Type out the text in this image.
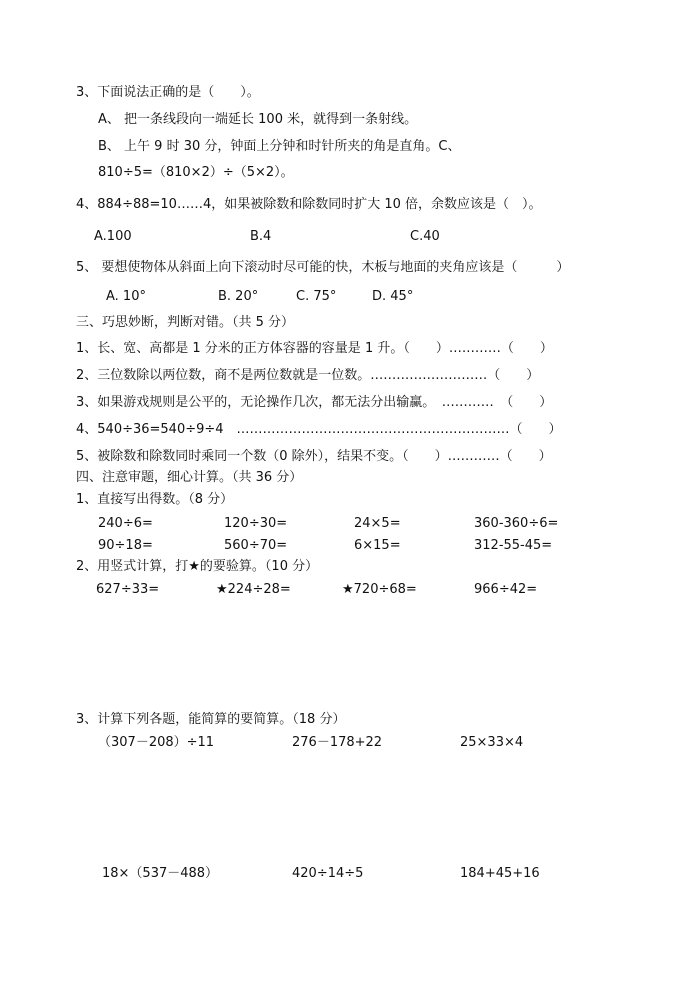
3、下面说法正确的是（　　）。
A、 把一条线段向一端延长 100 米，就得到一条射线。
B、 上午 9 时 30 分，钟面上分钟和时针所夹的角是直角。C、
810÷5=（810×2）÷（5×2）。
4、884÷88=10……4，如果被除数和除数同时扩大 10 倍，余数应该是（　）。
A.100	B.4	C.40
5、 要想使物体从斜面上向下滚动时尽可能的快，木板与地面的夹角应该是（　　　）
A. 10°	B. 20°	C. 75°	D. 45°
三、巧思妙断，判断对错。（共 5 分）
1、长、宽、高都是 1 分米的正方体容器的容量是 1 升。（　　）…………（　　）
2、三位数除以两位数，商不是两位数就是一位数。………………………（　　）
3、如果游戏规则是公平的，无论操作几次，都无法分出输赢。　…………　（　　）
4、540÷36=540÷9÷4　………………………………………………………（　　）
5、被除数和除数同时乘同一个数（0 除外），结果不变。（　　）…………（　　）
四、注意审题，细心计算。（共 36 分）
1、直接写出得数。（8 分）
240÷6=	120÷30=	24×5=	360-360÷6=
90÷18=	560÷70=	6×15=	312-55-45=
2、用竖式计算，打★的要验算。（10 分）
627÷33=	★224÷28=	★720÷68=	966÷42=
3、计算下列各题，能简算的要简算。（18 分）
（307－208）÷11	276－178+22	25×33×4
18×（537－488）	420÷14÷5	184+45+16
